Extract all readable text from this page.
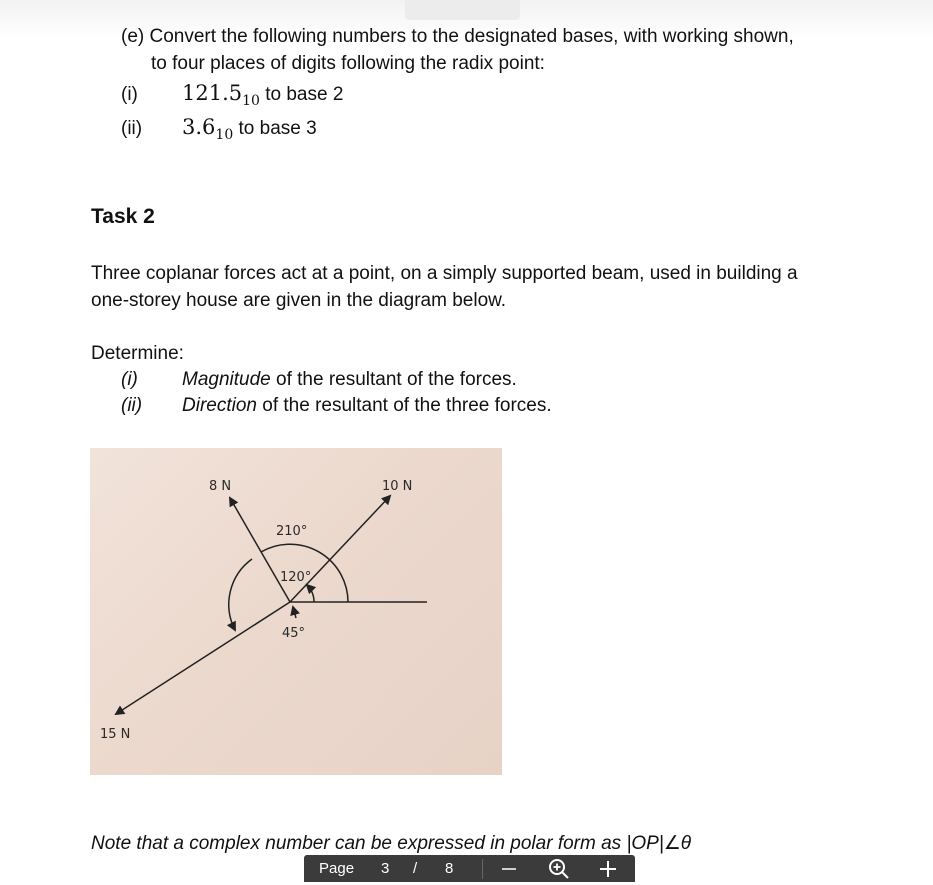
(e) Convert the following numbers to the designated bases, with working shown,
to four places of digits following the radix point:
(i) $121.5_{10}$ to base 2
(ii) $3.6_{10}$ to base 3
Task 2
Three coplanar forces act at a point, on a simply supported beam, used in building a
one-storey house are given in the diagram below.
Determine:
(i) Magnitude of the resultant of the forces.
(ii) Direction of the resultant of the three forces.
8 N	10 N
15 N
210°
120°
45°
Note that a complex number can be expressed in polar form as |OP|∠θ
Page 3 / 8
